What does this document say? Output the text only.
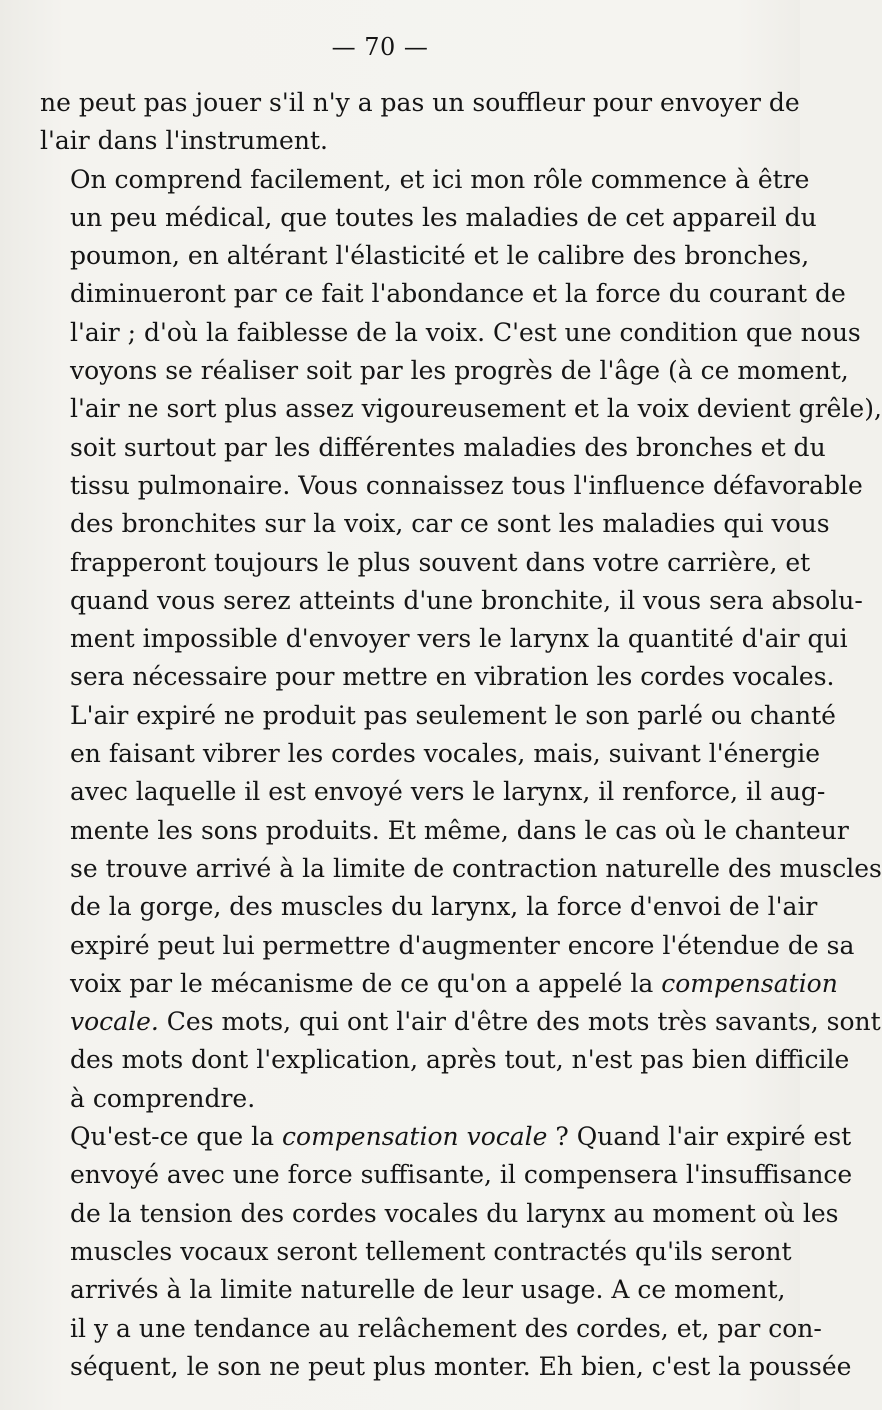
— 70 —

ne peut pas jouer s'il n'y a pas un souffleur pour envoyer de
l'air dans l'instrument.

On comprend facilement, et ici mon rôle commence à être
un peu médical, que toutes les maladies de cet appareil du
poumon, en altérant l'élasticité et le calibre des bronches,
diminueront par ce fait l'abondance et la force du courant de
l'air ; d'où la faiblesse de la voix. C'est une condition que nous
voyons se réaliser soit par les progrès de l'âge (à ce moment,
l'air ne sort plus assez vigoureusement et la voix devient grêle),
soit surtout par les différentes maladies des bronches et du
tissu pulmonaire. Vous connaissez tous l'influence défavorable
des bronchites sur la voix, car ce sont les maladies qui vous
frapperont toujours le plus souvent dans votre carrière, et
quand vous serez atteints d'une bronchite, il vous sera absolu-
ment impossible d'envoyer vers le larynx la quantité d'air qui
sera nécessaire pour mettre en vibration les cordes vocales.

L'air expiré ne produit pas seulement le son parlé ou chanté
en faisant vibrer les cordes vocales, mais, suivant l'énergie
avec laquelle il est envoyé vers le larynx, il renforce, il aug-
mente les sons produits. Et même, dans le cas où le chanteur
se trouve arrivé à la limite de contraction naturelle des muscles
de la gorge, des muscles du larynx, la force d'envoi de l'air
expiré peut lui permettre d'augmenter encore l'étendue de sa
voix par le mécanisme de ce qu'on a appelé la compensation
vocale. Ces mots, qui ont l'air d'être des mots très savants, sont
des mots dont l'explication, après tout, n'est pas bien difficile
à comprendre.

Qu'est-ce que la compensation vocale ? Quand l'air expiré est
envoyé avec une force suffisante, il compensera l'insuffisance
de la tension des cordes vocales du larynx au moment où les
muscles vocaux seront tellement contractés qu'ils seront
arrivés à la limite naturelle de leur usage. A ce moment,
il y a une tendance au relâchement des cordes, et, par con-
séquent, le son ne peut plus monter. Eh bien, c'est la poussée
